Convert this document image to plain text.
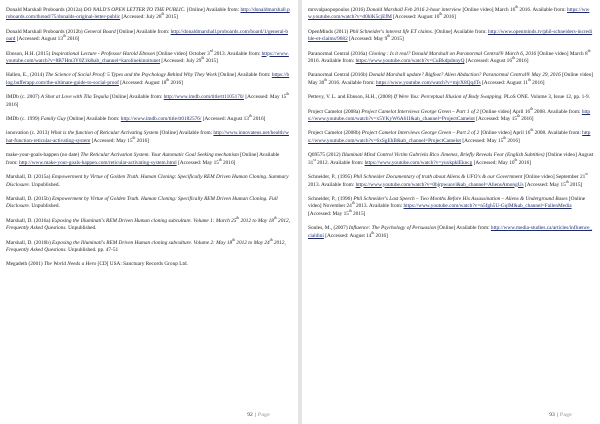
Donald Marshall Proboards (2012a) DO NALD'S OPEN LETTER TO THE PUBLIC. [Online] Available from: http://donaldmarshall.proboards.com/thread/75/donalds-original-letter-public [Accessed: July 28th 2015]

Donald Marshall Proboards (2012b) General Board [Online] Available from: http://donaldmarshall.proboards.com/board/1/general-board [Accessed: August 13th 2016]

Ebnson, H.H. (2015) Inspirational Lecture - Professor Harold Ebnson [Online video] October 3rd 2013. Available from: https://www.youtube.com/watch?v=8B7Hm3Y0Z1k&ab_channel=karolinekinnitunet [Accessed: July 29th 2015]

Hallen, E., (2014) The Science of Social Proof: 5 Types and the Psychology Behind Why They Work [Online] Available from: https://blog.bufferapp.com/the-ultimate-guide-to-social-proof [Accessed: August 18th 2016]

IMDb (c. 2007) A Shot at Love with Tila Tequila [Online] Available from: http://www.imdb.com/title/tt1105170/ [Accessed: May 15th 2016]

IMDb (c. 1999) Family Guy [Online] Available from: http://www.imdb.com/title/tt0182576/ [Accessed: August 13th 2016]

innovation (c. 2013) What is the function of Reticular Activating System [Online] Available from: http://www.innovateus.net/health/what-function-reticular-activating-system [Accessed: May 15th 2016]

make-your-goals-happen (no date) The Reticular Activation System. Your Automatic Goal Seeking mechanism [Online] Available from: http://www.make-your-goals-happen.com/reticular-activating-system.html [Accessed: May 15th 2016]

Marshall, D. (2015a) Empowerment by Virtue of Golden Truth. Human Cloning: Specifically REM Driven Human Cloning. Summary Disclosure. Unpublished.

Marshall, D. (2015b) Empowerment by Virtue of Golden Truth. Human Cloning: Specifically REM Driven Human Cloning. Full Disclosure. Unpublished.

Marshall, D. (2016a) Exposing the Illuminati's REM Driven Human cloning subculture. Volume 1: March 25th 2012 to May 18th 2012, Frequently Asked Questions. Unpublished.

Marshall, D. (2016b) Exposing the Illuminati's REM Driven Human cloning subculture. Volume 2: May 18th 2012 to May 24th 2012, Frequently Asked Questions. Unpublished. pp. 47-51

Megadeth (2001) The World Needs a Hero [CD] USA: Sanctuary Records Group Ltd.

92 | Page

mrsvalpaopopoulos (2016) Donald Marshall Feb 2016 2-hour interview [Online video] March 16th 2016. Available from: https://www.youtube.com/watch?v=d0hlK5cjEfM [Accessed: August 10th 2016]

OpenMinds (2011) Phil Schneider's interest life ET claims. [Online] Available from: http://www.openminds.tv/phil-schneiders-incredible-et-claims/9682 [Accessed: May 9th 2015]

Paranormal Central (2016a) Cloning : Is it real? Donald Marshall on Paranormal Central® March 6, 2016 [Online video] March 8th 2016. Available from: https://www.youtube.com/watch?v=CuBkdpdnnyQ [Accessed: August 16th 2016]

Paranormal Central (2016b) Donald Marshall update? Bigfoot? Alien Abduction? Paranormal Central® May 29, 2016 [Online video] May 30th 2016. Available from: https://www.youtube.com/watch?v=mjrX8Qq4Ts [Accessed: August 11th 2016]

Pettevy, V. L. and Ebnson, H.H., (2008) If Were You: Perceptual Illusion of Body Swapping. PLoS ONE. Volume 3, Issue 12, pp. 1-9.

Project Camelot (2008a) Project Camelot Interviews George Green – Part 1 of 2 [Online video] April 16th 2008. Available from: https://www.youtube.com/watch?v=x5YKyW6A61I&ab_channel=ProjectCamelot [Accessed: May 15th 2016]

Project Camelot (2008b) Project Camelot Interviews George Green – Part 2 of 2 [Online video] April 16th 2008. Available from: https://www.youtube.com/watch?v=6xSgEhB&ab_channel=ProjectCamelot [Accessed: May 15th 2016]

Q69575 (2012) Illuminati Mind Control Victim Gabriela Rico Jimenez, Briefly Reveals Fear (English Subtitles) [Online video] August 31st 2012. Available from: https://www.youtube.com/watch?v=yuxkpklEkncg [Accessed: May 10th 2016]

Schneider, P., (1995) Phil Schneider Documentary of truth about Aliens & UFO's & our Government [Online video] September 21st 2013. Available from: https://www.youtube.com/watch?v=0bjrpwuovi&ab_channel=AliensAmongUs [Accessed: May 15th 2015]

Schneider, P., (1996) Phil Schneider's Last Speech – Two Months Before His Assassination – Aliens & Underground Bases [Online video] November 24th 2013. Available from: https://www.youtube.com/watch?v=n5fgh5U-GqlM&ab_channel=FallenMedia [Accessed: May 15th 2015]

Soules, M., (2007) Influence: The Psychology of Persuasion [Online] Available from: http://www.media-studies.ca/articles/influence_cialdini [Accessed: August 14th 2016]

93 | Page
